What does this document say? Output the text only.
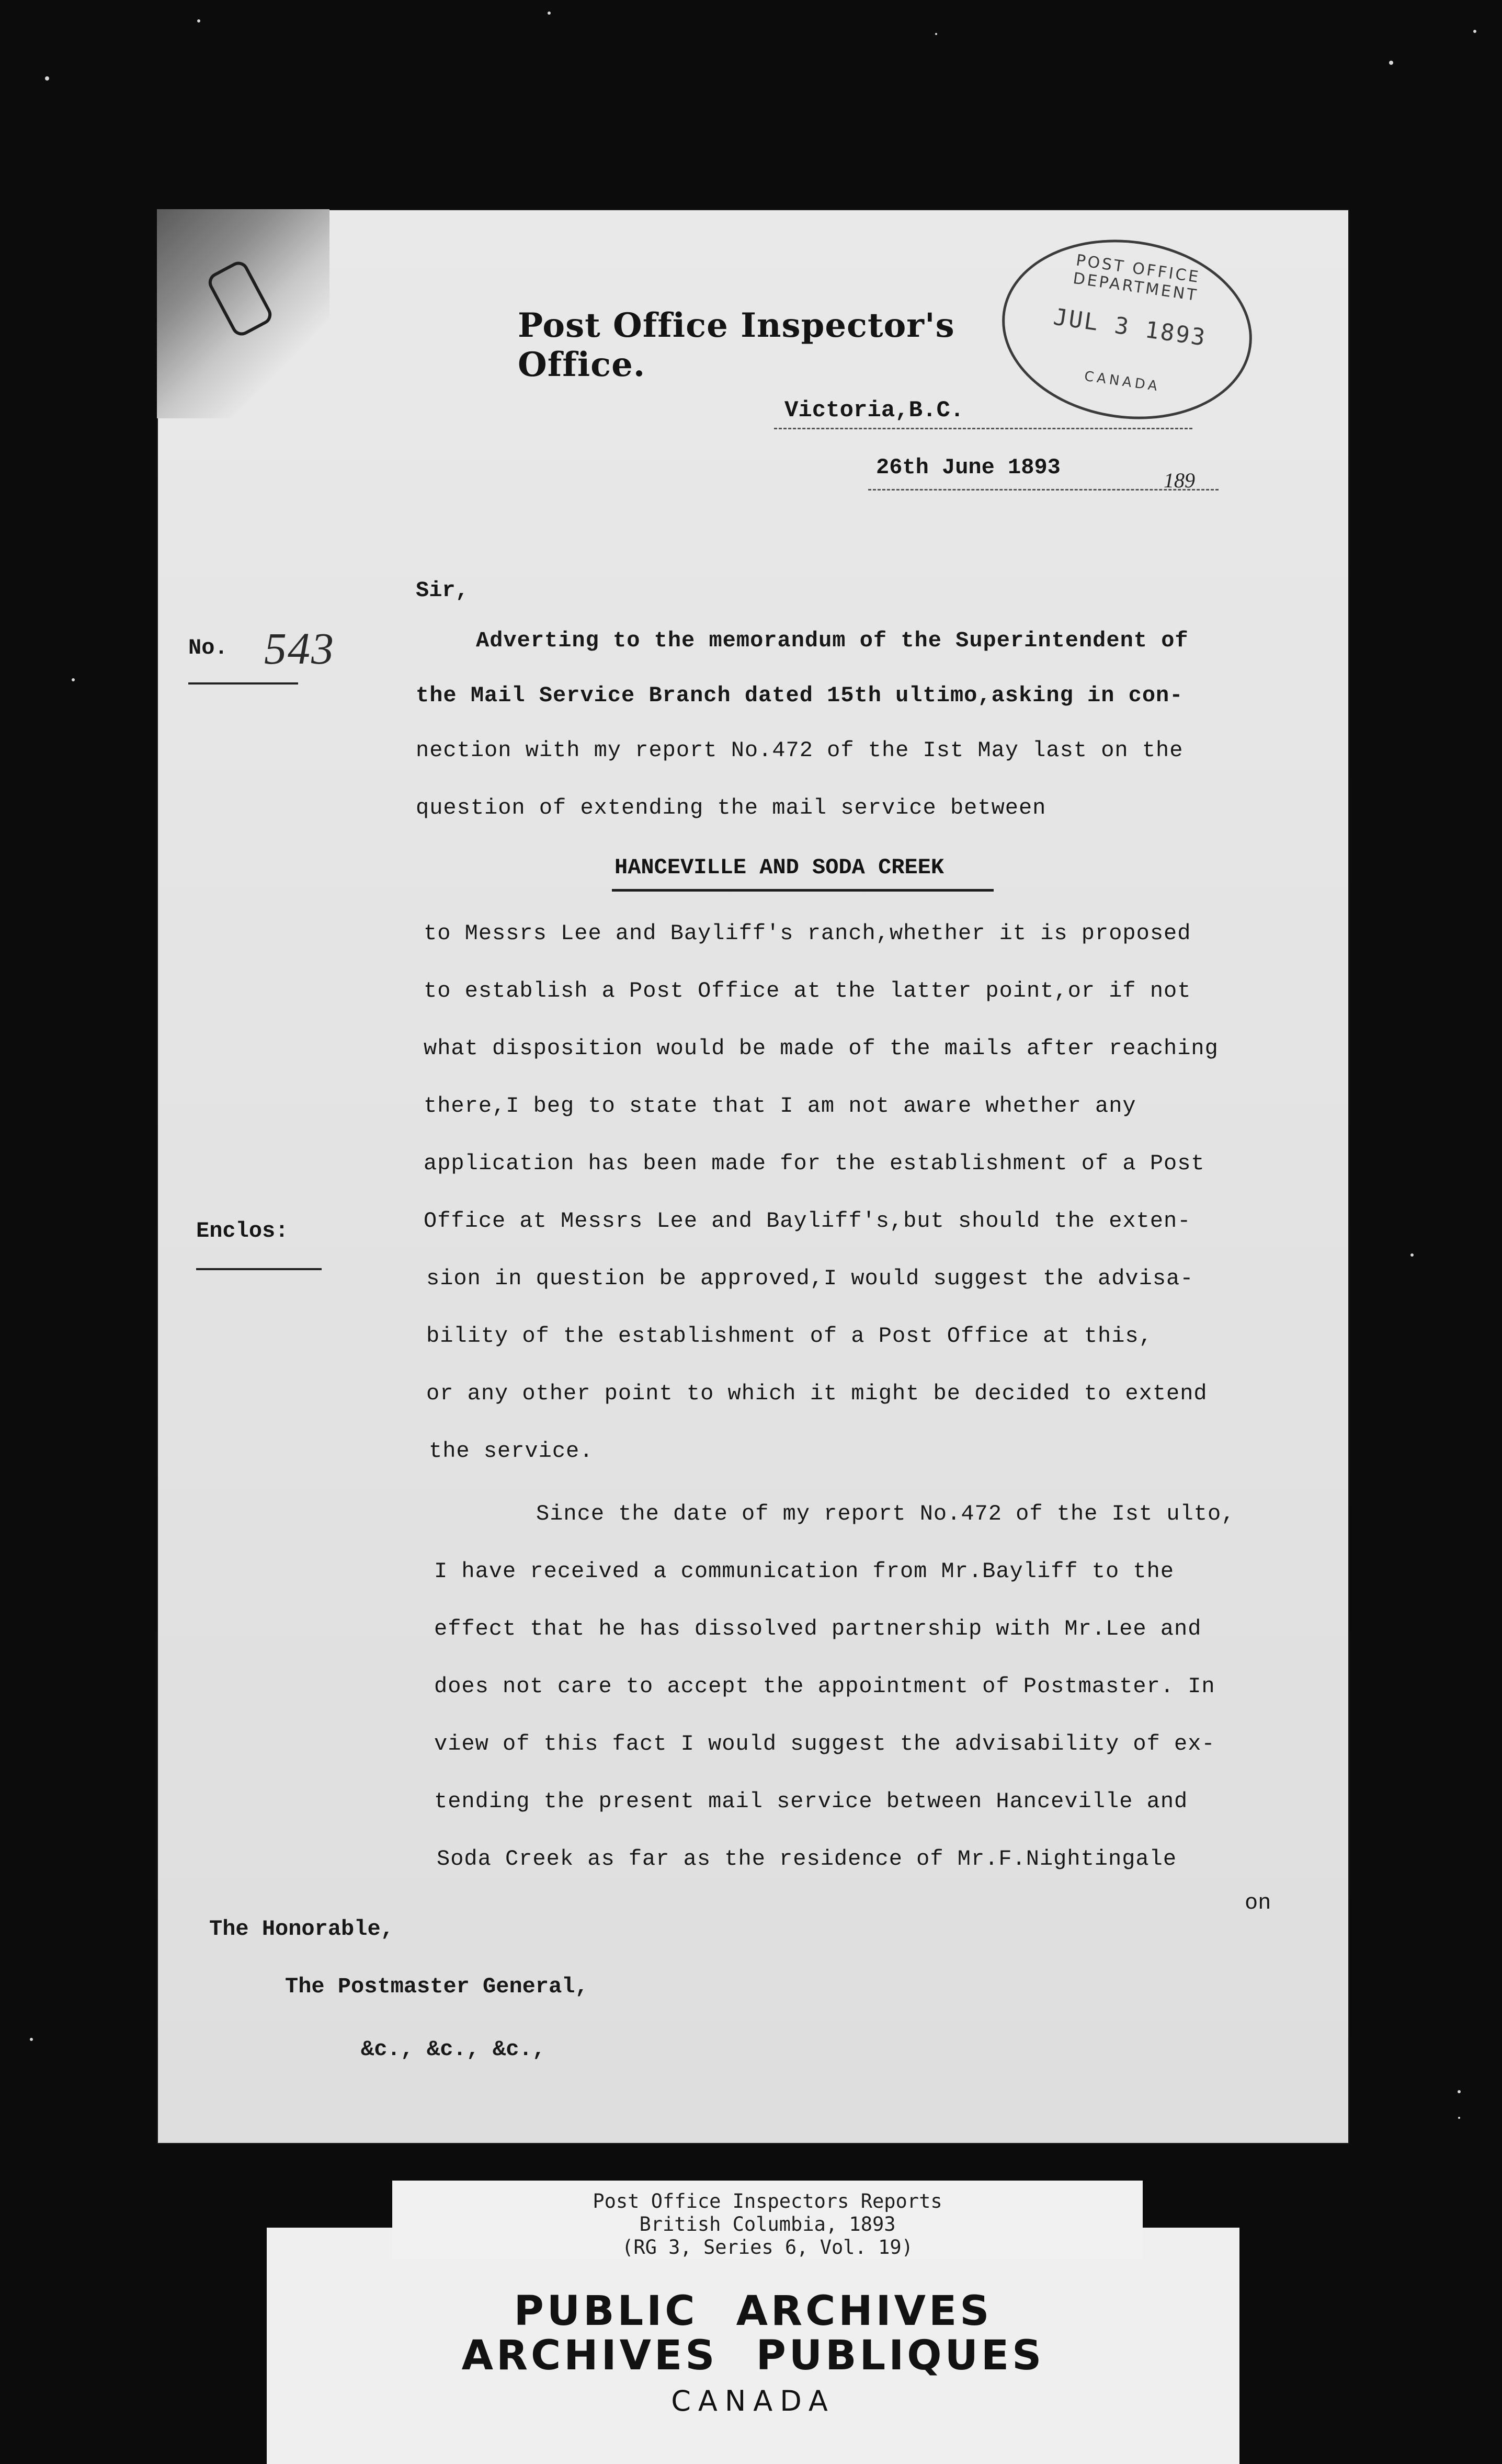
Post Office Inspector's Office.
POST OFFICE DEPARTMENT
JUL 3 1893
CANADA
Victoria,B.C.
26th June 1893
189
Sir,
No. 543
Enclos:
Adverting to the memorandum of the Superintendent of
the Mail Service Branch dated 15th ultimo,asking in con-
nection with my report No.472 of the Ist May last on the
question of extending the mail service between
HANCEVILLE AND SODA CREEK
to Messrs Lee and Bayliff's ranch,whether it is proposed
to establish a Post Office at the latter point,or if not
what disposition would be made of the mails after reaching
there,I beg to state that I am not aware whether any
application has been made for the establishment of a Post
Office at Messrs Lee and Bayliff's,but should the exten-
sion in question be approved,I would suggest the advisa-
bility of the establishment of a Post Office at this,
or any other point to which it might be decided to extend
the service.
Since the date of my report No.472 of the Ist ulto,
I have received a communication from Mr.Bayliff to the
effect that he has dissolved partnership with Mr.Lee and
does not care to accept the appointment of Postmaster. In
view of this fact I would suggest the advisability of ex-
tending the present mail service between Hanceville and
Soda Creek as far as the residence of Mr.F.Nightingale
on
The Honorable,
The Postmaster General,
&c., &c., &c.,
PUBLIC ARCHIVES
ARCHIVES PUBLIQUES
CANADA
Post Office Inspectors Reports
British Columbia, 1893
(RG 3, Series 6, Vol. 19)
